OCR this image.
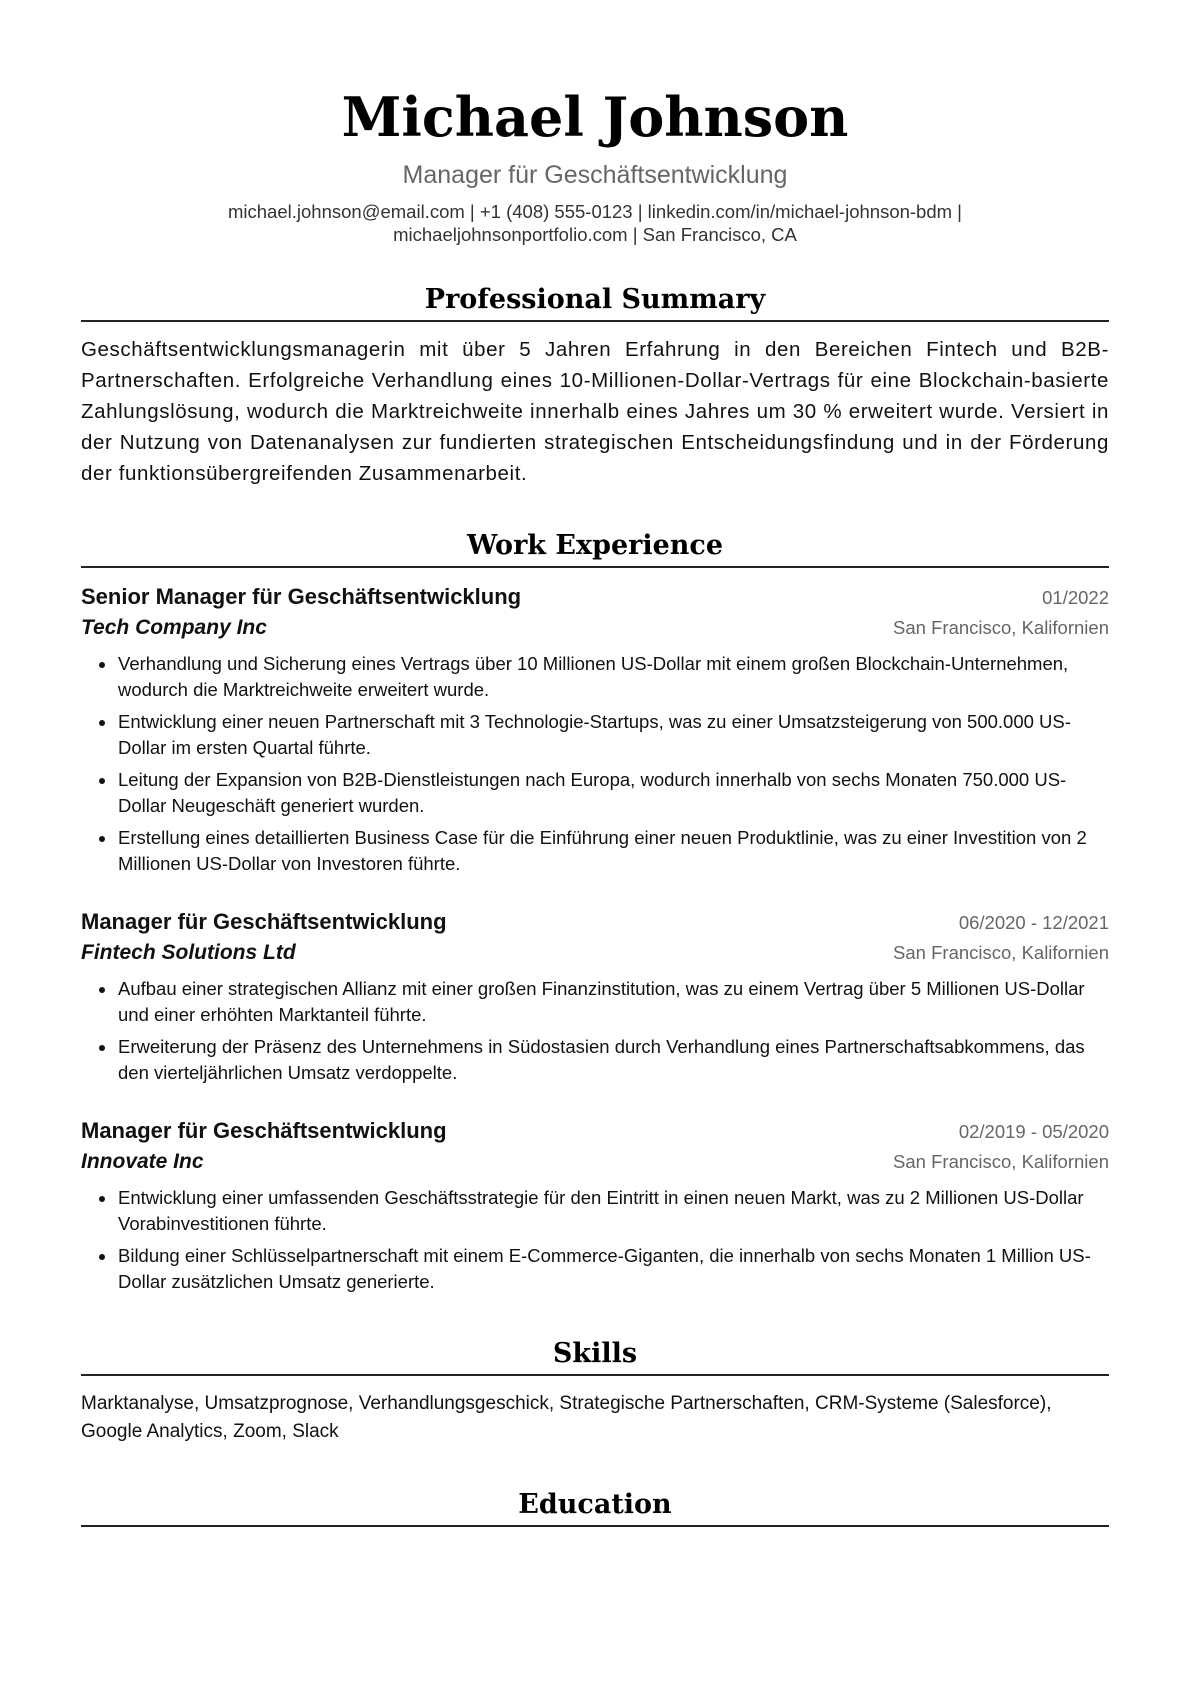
Michael Johnson
Manager für Geschäftsentwicklung
michael.johnson@email.com | +1 (408) 555-0123 | linkedin.com/in/michael-johnson-bdm |
michaeljohnsonportfolio.com | San Francisco, CA
Professional Summary

Geschäftsentwicklungsmanagerin mit über 5 Jahren Erfahrung in den Bereichen Fintech und B2B-Partnerschaften. Erfolgreiche Verhandlung eines 10-Millionen-Dollar-Vertrags für eine Blockchain-basierte Zahlungslösung, wodurch die Marktreichweite innerhalb eines Jahres um 30 % erweitert wurde. Versiert in der Nutzung von Datenanalysen zur fundierten strategischen Entscheidungsfindung und in der Förderung der funktionsübergreifenden Zusammenarbeit.

Work Experience
Senior Manager für Geschäftsentwicklung	01/2022
Tech Company Inc	San Francisco, Kalifornien
• Verhandlung und Sicherung eines Vertrags über 10 Millionen US-Dollar mit einem großen Blockchain-Unternehmen, wodurch die Marktreichweite erweitert wurde.
• Entwicklung einer neuen Partnerschaft mit 3 Technologie-Startups, was zu einer Umsatzsteigerung von 500.000 US-Dollar im ersten Quartal führte.
• Leitung der Expansion von B2B-Dienstleistungen nach Europa, wodurch innerhalb von sechs Monaten 750.000 US-Dollar Neugeschäft generiert wurden.
• Erstellung eines detaillierten Business Case für die Einführung einer neuen Produktlinie, was zu einer Investition von 2 Millionen US-Dollar von Investoren führte.
Manager für Geschäftsentwicklung	06/2020 - 12/2021
Fintech Solutions Ltd	San Francisco, Kalifornien
• Aufbau einer strategischen Allianz mit einer großen Finanzinstitution, was zu einem Vertrag über 5 Millionen US-Dollar und einer erhöhten Marktanteil führte.
• Erweiterung der Präsenz des Unternehmens in Südostasien durch Verhandlung eines Partnerschaftsabkommens, das den vierteljährlichen Umsatz verdoppelte.
Manager für Geschäftsentwicklung	02/2019 - 05/2020
Innovate Inc	San Francisco, Kalifornien
• Entwicklung einer umfassenden Geschäftsstrategie für den Eintritt in einen neuen Markt, was zu 2 Millionen US-Dollar Vorabinvestitionen führte.
• Bildung einer Schlüsselpartnerschaft mit einem E-Commerce-Giganten, die innerhalb von sechs Monaten 1 Million US-Dollar zusätzlichen Umsatz generierte.
Skills
Marktanalyse, Umsatzprognose, Verhandlungsgeschick, Strategische Partnerschaften, CRM-Systeme (Salesforce), Google Analytics, Zoom, Slack
Education
